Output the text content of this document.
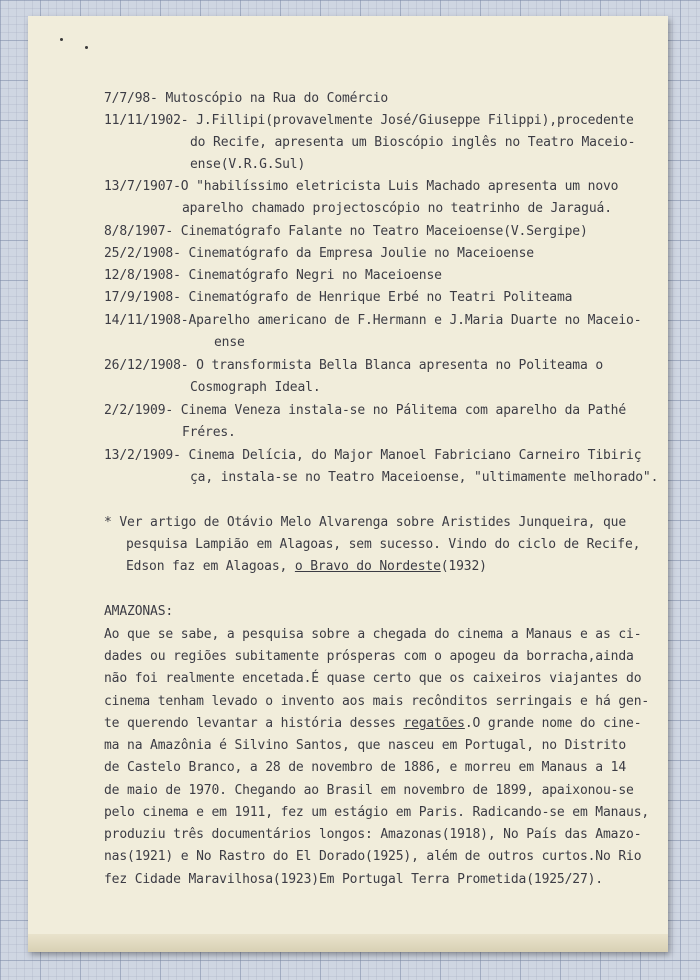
7/7/98- Mutoscópio na Rua do Comércio
11/11/1902- J.Fillipi(provavelmente José/Giuseppe Filippi),procedente
do Recife, apresenta um Bioscópio inglês no Teatro Maceio-
ense(V.R.G.Sul)
13/7/1907-O "habilíssimo eletricista Luis Machado apresenta um novo
aparelho chamado projectoscópio no teatrinho de Jaraguá.
8/8/1907- Cinematógrafo Falante no Teatro Maceioense(V.Sergipe)
25/2/1908- Cinematógrafo da Empresa Joulie no Maceioense
12/8/1908- Cinematógrafo Negri no Maceioense
17/9/1908- Cinematógrafo de Henrique Erbé no Teatri Politeama
14/11/1908-Aparelho americano de F.Hermann e J.Maria Duarte no Maceio-
ense
26/12/1908- O transformista Bella Blanca apresenta no Politeama o
Cosmograph Ideal.
2/2/1909- Cinema Veneza instala-se no Pálitema com aparelho da Pathé
Fréres.
13/2/1909- Cinema Delícia, do Major Manoel Fabriciano Carneiro Tibiriç
ça, instala-se no Teatro Maceioense, "ultimamente melhorado".
* Ver artigo de Otávio Melo Alvarenga sobre Aristides Junqueira, que
pesquisa Lampião em Alagoas, sem sucesso. Vindo do ciclo de Recife,
Edson faz em Alagoas, o Bravo do Nordeste(1932)
AMAZONAS:
Ao que se sabe, a pesquisa sobre a chegada do cinema a Manaus e as ci-
dades ou regiões subitamente prósperas com o apogeu da borracha,ainda
não foi realmente encetada.É quase certo que os caixeiros viajantes do
cinema tenham levado o invento aos mais recônditos serringais e há gen-
te querendo levantar a história desses regatões.O grande nome do cine-
ma na Amazônia é Silvino Santos, que nasceu em Portugal, no Distrito
de Castelo Branco, a 28 de novembro de 1886, e morreu em Manaus a 14
de maio de 1970. Chegando ao Brasil em novembro de 1899, apaixonou-se
pelo cinema e em 1911, fez um estágio em Paris. Radicando-se em Manaus,
produziu três documentários longos: Amazonas(1918), No País das Amazo-
nas(1921) e No Rastro do El Dorado(1925), além de outros curtos.No Rio
fez Cidade Maravilhosa(1923)Em Portugal Terra Prometida(1925/27).
